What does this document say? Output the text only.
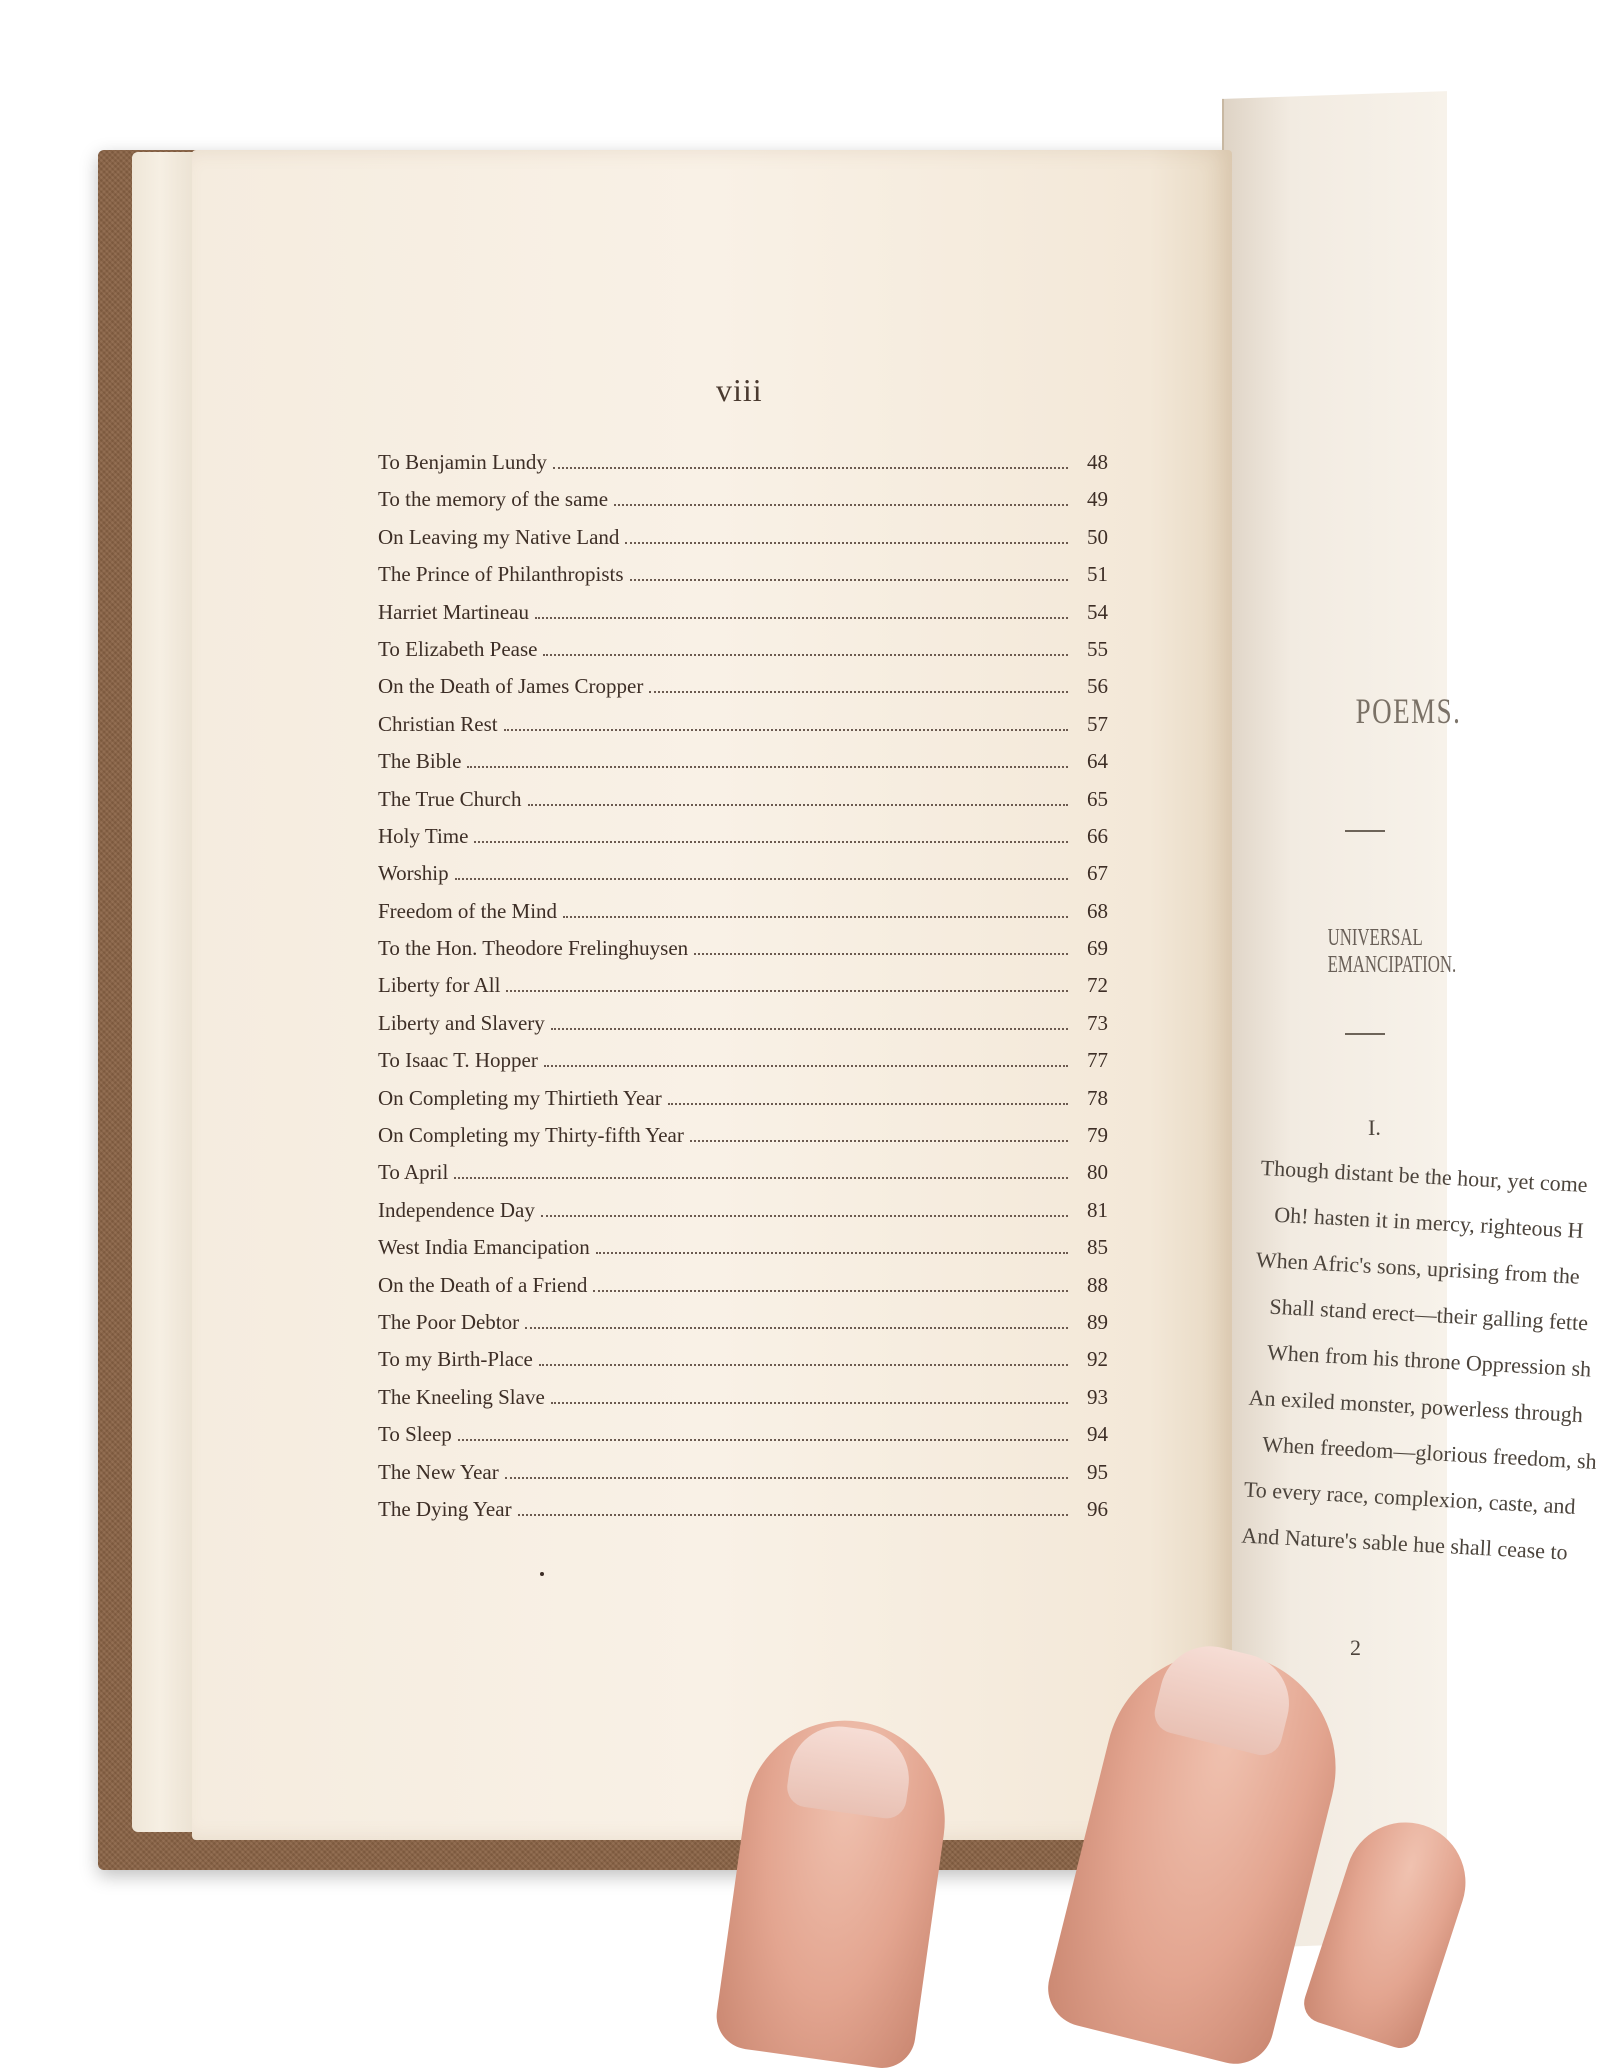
POEMS.
UNIVERSAL EMANCIPATION.
I.
Though distant be the hour, yet come
Oh! hasten it in mercy, righteous H
When Afric's sons, uprising from the
Shall stand erect—their galling fette
When from his throne Oppression sh
An exiled monster, powerless through
When freedom—glorious freedom, sh
To every race, complexion, caste, and
And Nature's sable hue shall cease to
2
viii
To Benjamin Lundy	48
To the memory of the same	49
On Leaving my Native Land	50
The Prince of Philanthropists	51
Harriet Martineau	54
To Elizabeth Pease	55
On the Death of James Cropper	56
Christian Rest	57
The Bible	64
The True Church	65
Holy Time	66
Worship	67
Freedom of the Mind	68
To the Hon. Theodore Frelinghuysen	69
Liberty for All	72
Liberty and Slavery	73
To Isaac T. Hopper	77
On Completing my Thirtieth Year	78
On Completing my Thirty-fifth Year	79
To April	80
Independence Day	81
West India Emancipation	85
On the Death of a Friend	88
The Poor Debtor	89
To my Birth-Place	92
The Kneeling Slave	93
To Sleep	94
The New Year	95
The Dying Year	96
